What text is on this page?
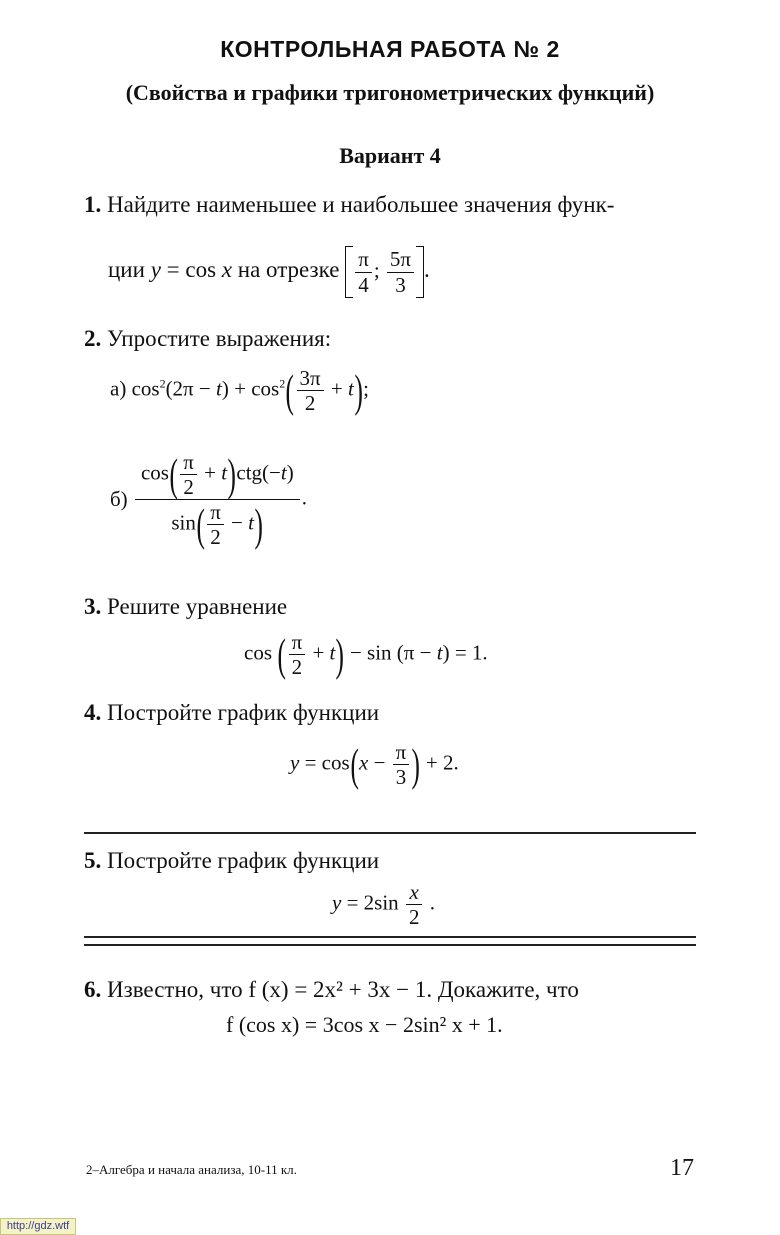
КОНТРОЛЬНАЯ РАБОТА № 2
(Свойства и графики тригонометрических функций)
Вариант 4
1. Найдите наименьшее и наибольшее значения функ-
ции y = cos x на отрезке $\frac{\pi}{4}$ ; $\frac{5\pi}{3}$ .
2. Упростите выражения:
а) $\cos^2(2\pi - t) + \cos^2( \frac{3\pi}{2} + t)$;
$б) \frac{\cos( \frac{\pi}{2} + t)ctg(-t)}{\sin( \frac{\pi}{2} - t)}$ .
3. Решите уравнение
cos ( $\frac{\pi}{2} + t) - \sin (\pi - t) = 1$.
4. Постройте график функции
$y = \cos(x - \frac{\pi}{3}$ ) + 2.
5. Постройте график функции
$y = 2\sin \frac{x}{2}$ .
6. Известно, что f (x) = 2x² + 3x − 1. Докажите, что
f (cos x) = 3cos x − 2sin² x + 1.
2–Алгебра и начала анализа, 10-11 кл.	17
http://gdz.wtf
